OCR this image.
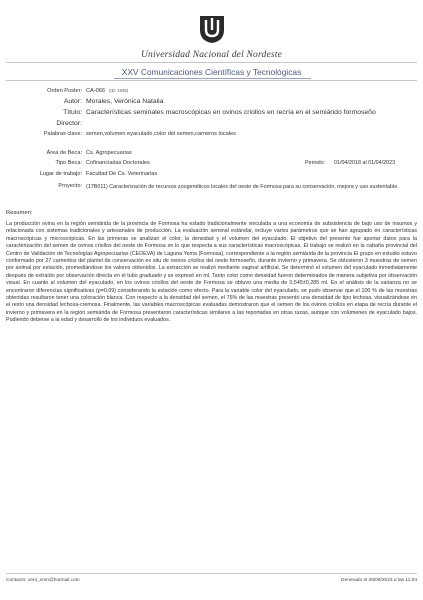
Universidad Nacional del Nordeste
XXV Comunicaciones Científicas y Tecnológicas
Orden Poster: CA-066 (ID: 1949)
Autor: Morales, Verónica Natalia
Título: Características seminales macroscópicas en ovinos criollos en recría en el semiárido formoseño
Director:
Palabras clave: semen,volumen eyaculado,color del semen,carneros locales
Área de Beca: Cs. Agropecuarias
Tipo Beca: Cofinanciadas Doctorales	Periodo: 01/04/2018 al 01/04/2023
Lugar de trabajo: Facultad De Cs. Veterinarias
Proyecto: (17B011) Caracterización de recursos zoogenéticos locales del oeste de Formosa para su conservación, mejora y uso sustentable.
Resumen:
La producción ovina en la región semiárida de la provincia de Formosa ha estado tradicionalmente vinculada a una economía de subsistencia de bajo uso de insumos y relacionada con sistemas tradicionales y artesanales de producción. La evaluación seminal estándar, incluye varios parámetros que se han agrupado en características macroscópicas y microscópicas. En las primeras se analizan el color, la densidad y el volumen del eyaculado. El objetivo del presente fue aportar datos para la caracterización del semen de ovinos criollos del oeste de Formosa en lo que respecta a sus características macroscópicas. El trabajo se realizó en la cabaña provincial del Centro de Validación de Tecnologías Agropecuarias (CEDEVA) de Laguna Yema (Formosa), correspondiente a la región semiárida de la provincia El grupo en estudio estuvo conformado por 27 carneritos del plantel de conservación ex situ de ovinos criollos del oeste formoseño, durante invierno y primavera. Se obtuvieron 3 muestras de semen por animal por estación, promediándose los valores obtenidos. La extracción se realizó mediante vaginal artificial. Se determinó el volumen del eyaculado inmediatamente después de extraído por observación directa en el tubo graduado y se expresó en ml. Tanto color como densidad fueron determinados de manera subjetiva por observación visual. En cuanto al volumen del eyaculado, en los ovinos criollos del oeste de Formosa se obtuvo una media de 0,545±0,285 ml. En el análisis de la varianza no se encontraron diferencias significativas (p=0,09) considerando la estación como efecto. Para la variable color del eyaculado, se pudo observar que el 100 % de las muestras obtenidas resultaron tener una coloración blanca. Con respecto a la densidad del semen, el 76% de las muestras presentó una densidad de tipo lechosa, visualizándose en el resto una densidad lechosa-cremosa. Finalmente, las variables macroscópicas evaluadas demostraron que el semen de los ovinos criollos en etapa de recría durante el invierno y primavera en la región semiárida de Formosa presentaron características similares a las reportadas en otras razas, aunque con volúmenes de eyaculado bajos. Pudiendo deberse a la edad y desarrollo de los individuos evaluados.
Contacto: vero_vnm@hotmail.com	Generado el 28/06/2023 a las 11:04
